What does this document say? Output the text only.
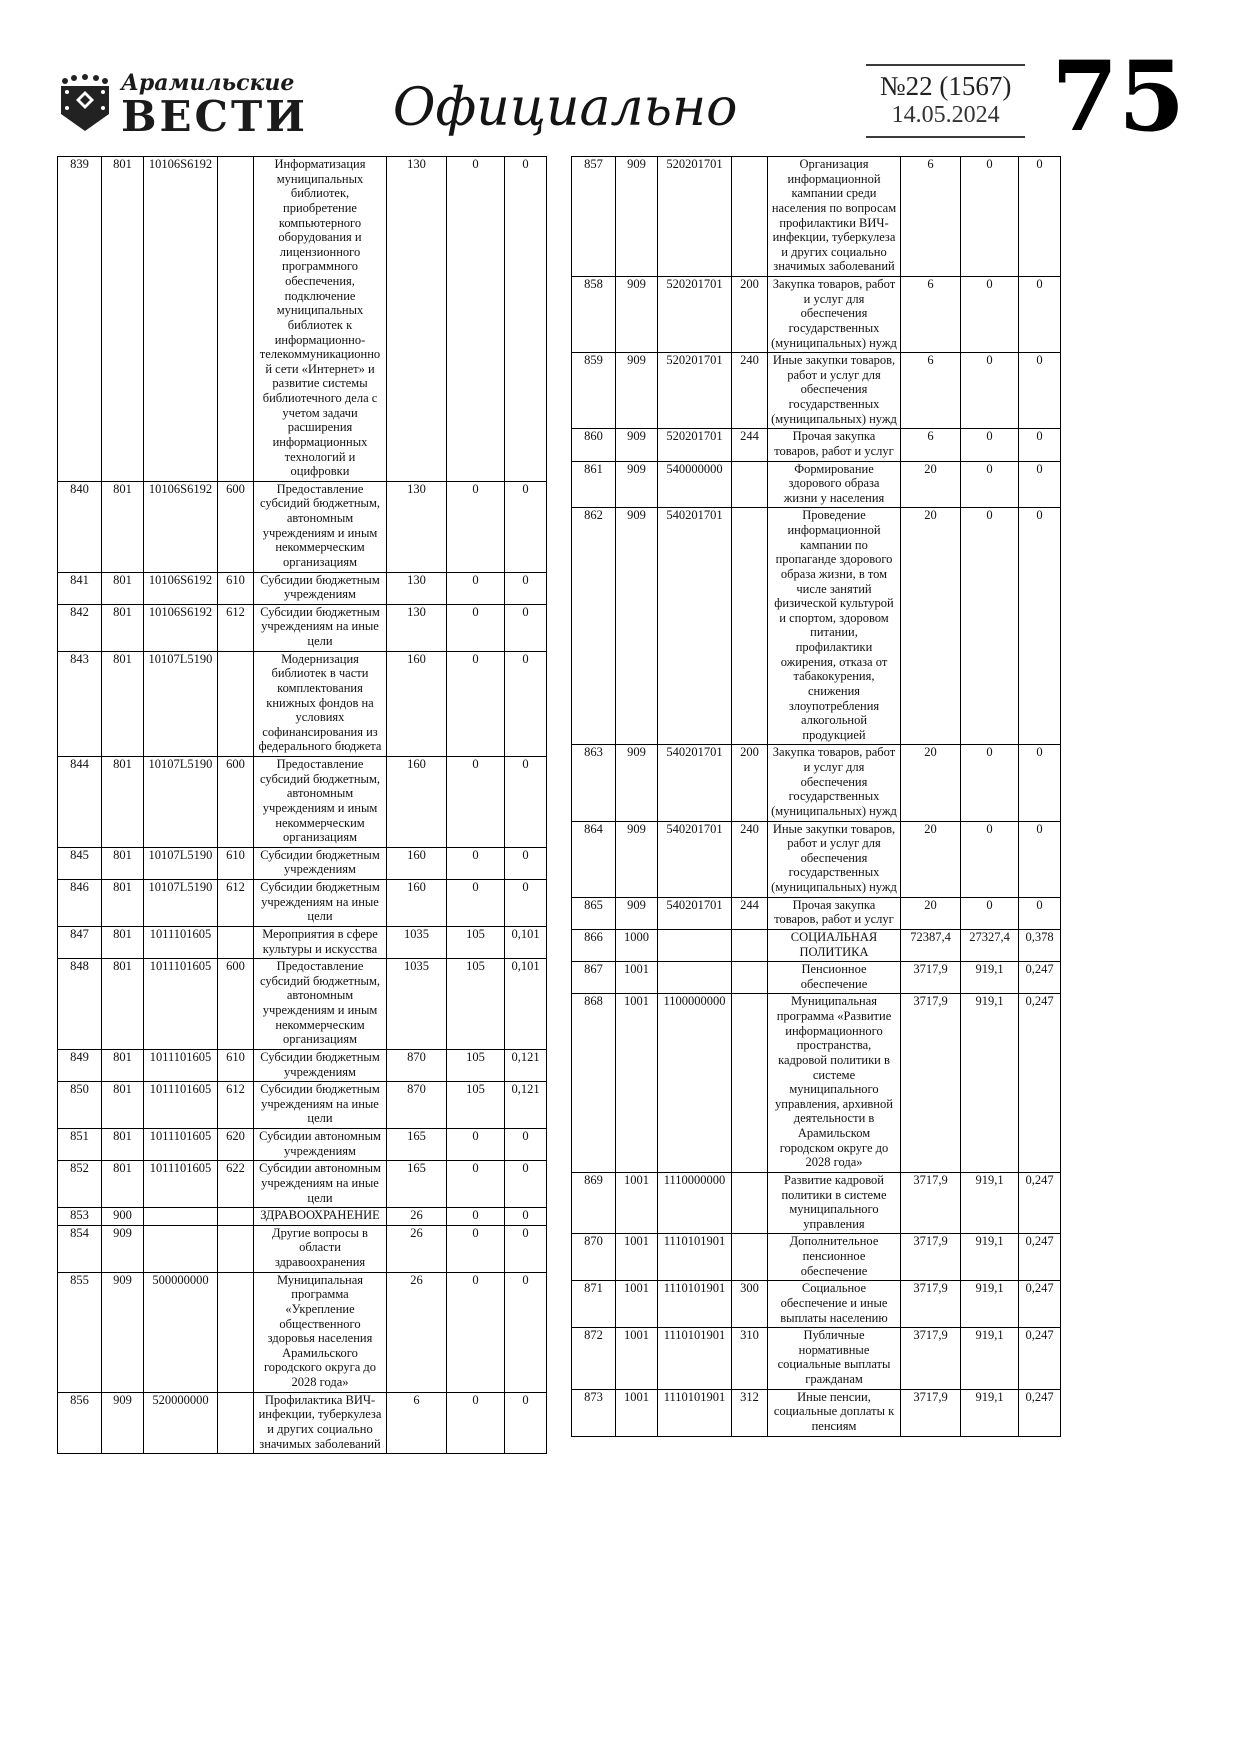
Арамильские
ВЕСТИ Официально	№22 (1567)
14.05.2024 75
839	801	10106S6192		Информатизация муниципальных библиотек, приобретение компьютерного оборудования и лицензионного программного обеспечения, подключение муниципальных библиотек к информационно-телекоммуникационной сети «Интернет» и развитие системы библиотечного дела с учетом задачи расширения информационных технологий и оцифровки	130	0	0
840	801	10106S6192	600	Предоставление субсидий бюджетным, автономным учреждениям и иным некоммерческим организациям	130	0	0
841	801	10106S6192	610	Субсидии бюджетным учреждениям	130	0	0
842	801	10106S6192	612	Субсидии бюджетным учреждениям на иные цели	130	0	0
843	801	10107L5190		Модернизация библиотек в части комплектования книжных фондов на условиях софинансирования из федерального бюджета	160	0	0
844	801	10107L5190	600	Предоставление субсидий бюджетным, автономным учреждениям и иным некоммерческим организациям	160	0	0
845	801	10107L5190	610	Субсидии бюджетным учреждениям	160	0	0
846	801	10107L5190	612	Субсидии бюджетным учреждениям на иные цели	160	0	0
847	801	1011101605		Мероприятия в сфере культуры и искусства	1035	105	0,101
848	801	1011101605	600	Предоставление субсидий бюджетным, автономным учреждениям и иным некоммерческим организациям	1035	105	0,101
849	801	1011101605	610	Субсидии бюджетным учреждениям	870	105	0,121
850	801	1011101605	612	Субсидии бюджетным учреждениям на иные цели	870	105	0,121
851	801	1011101605	620	Субсидии автономным учреждениям	165	0	0
852	801	1011101605	622	Субсидии автономным учреждениям на иные цели	165	0	0
853	900			ЗДРАВООХРАНЕНИЕ	26	0	0
854	909			Другие вопросы в области здравоохранения	26	0	0
855	909	500000000		Муниципальная программа «Укрепление общественного здоровья населения Арамильского городского округа до 2028 года»	26	0	0
856	909	520000000		Профилактика ВИЧ-инфекции, туберкулеза и других социально значимых заболеваний	6	0	0
857	909	520201701		Организация информационной кампании среди населения по вопросам профилактики ВИЧ-инфекции, туберкулеза и других социально значимых заболеваний	6	0	0
858	909	520201701	200	Закупка товаров, работ и услуг для обеспечения государственных (муниципальных) нужд	6	0	0
859	909	520201701	240	Иные закупки товаров, работ и услуг для обеспечения государственных (муниципальных) нужд	6	0	0
860	909	520201701	244	Прочая закупка товаров, работ и услуг	6	0	0
861	909	540000000		Формирование здорового образа жизни у населения	20	0	0
862	909	540201701		Проведение информационной кампании по пропаганде здорового образа жизни, в том числе занятий физической культурой и спортом, здоровом питании, профилактики ожирения, отказа от табакокурения, снижения злоупотребления алкогольной продукцией	20	0	0
863	909	540201701	200	Закупка товаров, работ и услуг для обеспечения государственных (муниципальных) нужд	20	0	0
864	909	540201701	240	Иные закупки товаров, работ и услуг для обеспечения государственных (муниципальных) нужд	20	0	0
865	909	540201701	244	Прочая закупка товаров, работ и услуг	20	0	0
866	1000			СОЦИАЛЬНАЯ ПОЛИТИКА	72387,4	27327,4	0,378
867	1001			Пенсионное обеспечение	3717,9	919,1	0,247
868	1001	1100000000		Муниципальная программа «Развитие информационного пространства, кадровой политики в системе муниципального управления, архивной деятельности в Арамильском городском округе до 2028 года»	3717,9	919,1	0,247
869	1001	1110000000		Развитие кадровой политики в системе муниципального управления	3717,9	919,1	0,247
870	1001	1110101901		Дополнительное пенсионное обеспечение	3717,9	919,1	0,247
871	1001	1110101901	300	Социальное обеспечение и иные выплаты населению	3717,9	919,1	0,247
872	1001	1110101901	310	Публичные нормативные социальные выплаты гражданам	3717,9	919,1	0,247
873	1001	1110101901	312	Иные пенсии, социальные доплаты к пенсиям	3717,9	919,1	0,247
